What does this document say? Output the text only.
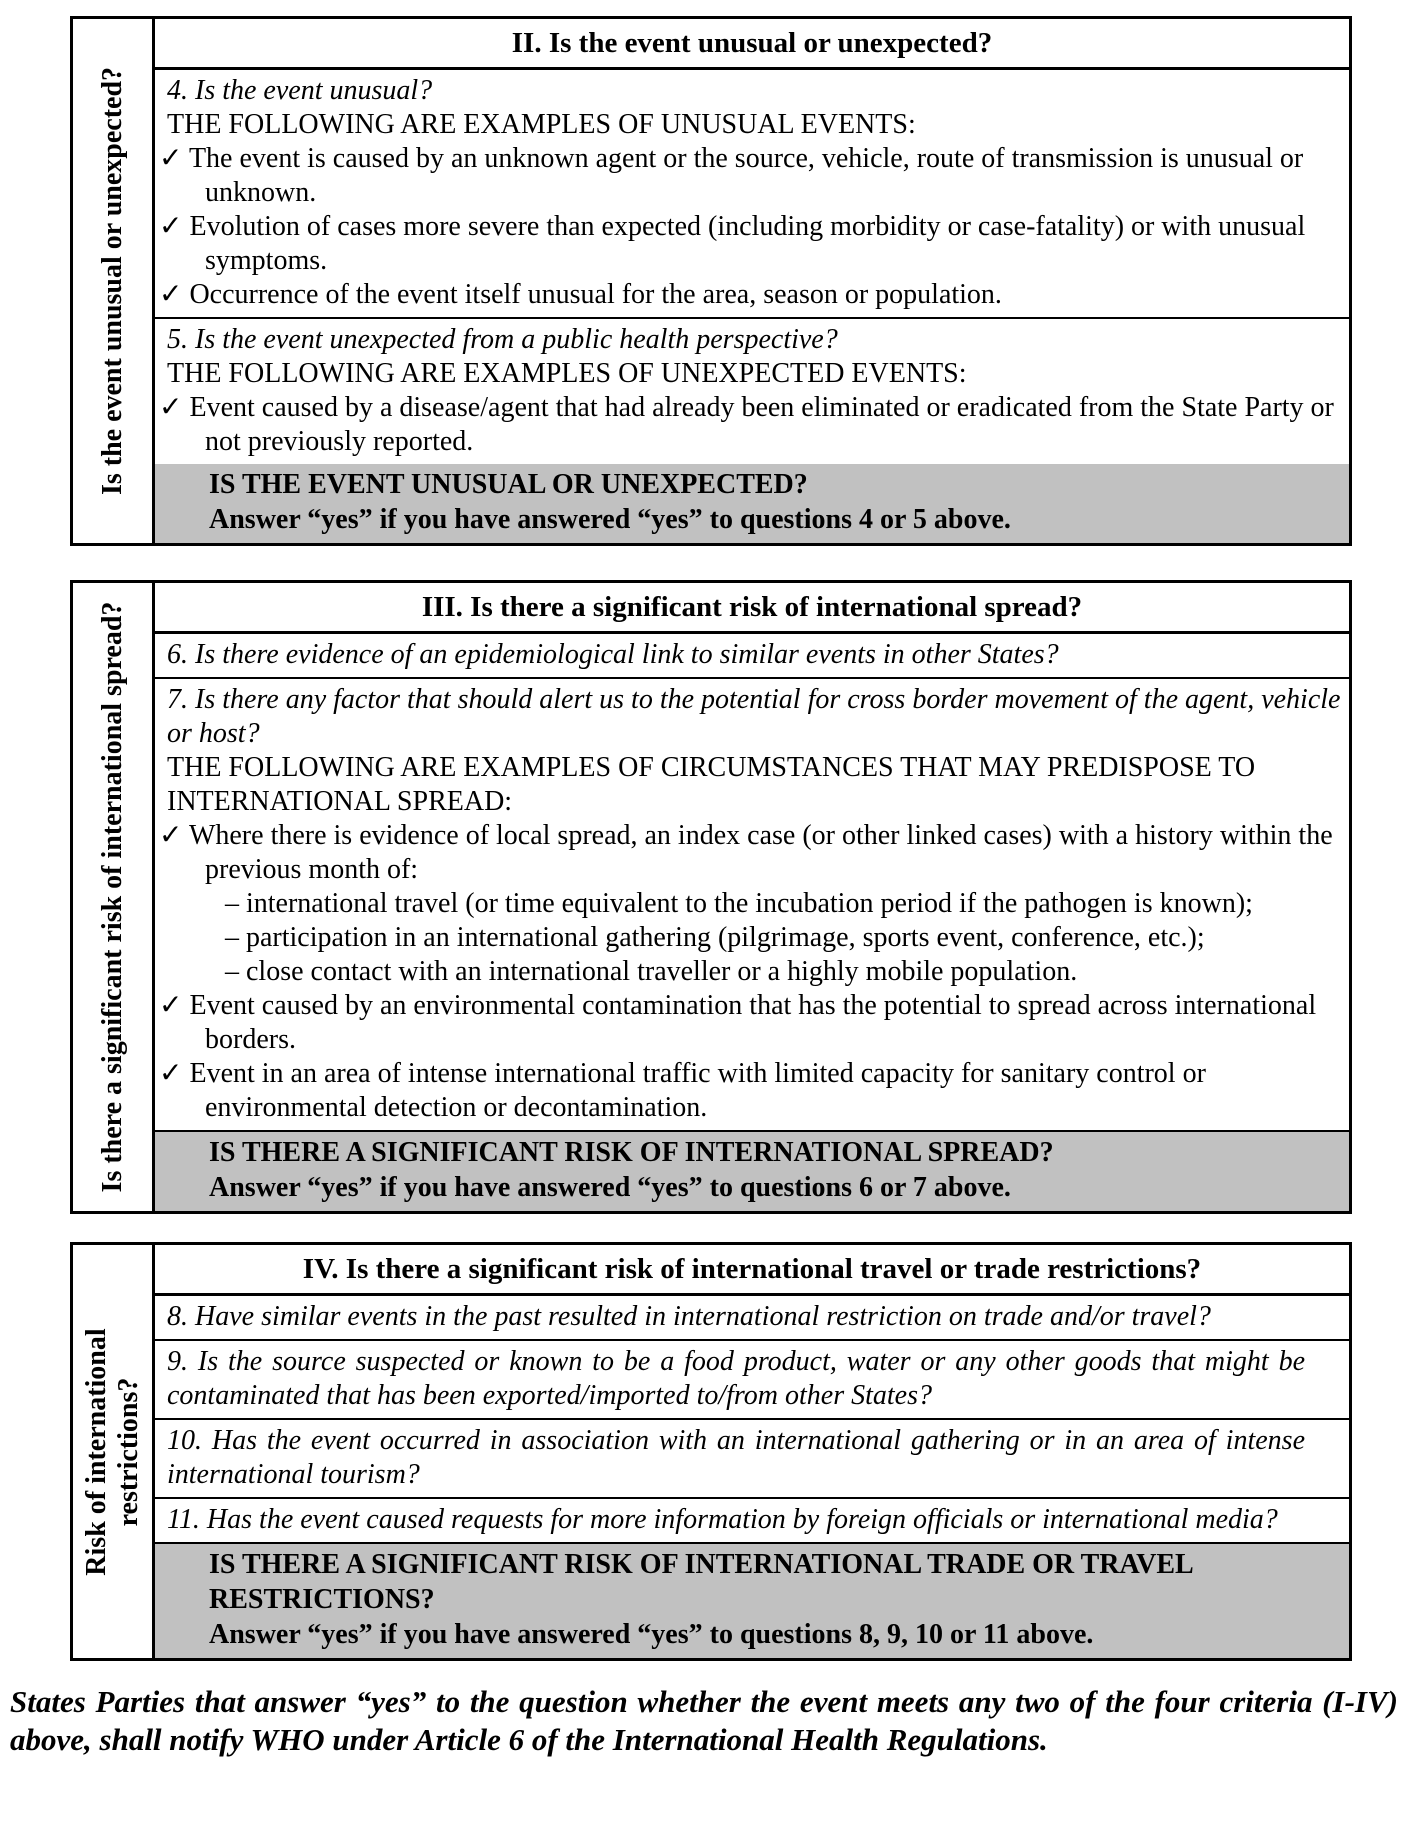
Is the event unusual or unexpected?
II. Is the event unusual or unexpected?
4. Is the event unusual?
THE FOLLOWING ARE EXAMPLES OF UNUSUAL EVENTS:
✓ The event is caused by an unknown agent or the source, vehicle, route of transmission is unusual or unknown.
✓ Evolution of cases more severe than expected (including morbidity or case-fatality) or with unusual symptoms.
✓ Occurrence of the event itself unusual for the area, season or population.
5. Is the event unexpected from a public health perspective?
THE FOLLOWING ARE EXAMPLES OF UNEXPECTED EVENTS:
✓ Event caused by a disease/agent that had already been eliminated or eradicated from the State Party or not previously reported.
IS THE EVENT UNUSUAL OR UNEXPECTED?
Answer “yes” if you have answered “yes” to questions 4 or 5 above.
Is there a significant risk of international spread?	III. Is there a significant risk of international spread?
6. Is there evidence of an epidemiological link to similar events in other States?
7. Is there any factor that should alert us to the potential for cross border movement of the agent, vehicle or host?
THE FOLLOWING ARE EXAMPLES OF CIRCUMSTANCES THAT MAY PREDISPOSE TO INTERNATIONAL SPREAD:
✓ Where there is evidence of local spread, an index case (or other linked cases) with a history within the previous month of:
– international travel (or time equivalent to the incubation period if the pathogen is known);
– participation in an international gathering (pilgrimage, sports event, conference, etc.);
– close contact with an international traveller or a highly mobile population.
✓ Event caused by an environmental contamination that has the potential to spread across international borders.
✓ Event in an area of intense international traffic with limited capacity for sanitary control or environmental detection or decontamination.
IS THERE A SIGNIFICANT RISK OF INTERNATIONAL SPREAD?
Answer “yes” if you have answered “yes” to questions 6 or 7 above.
Risk of international restrictions?
IV. Is there a significant risk of international travel or trade restrictions?
8. Have similar events in the past resulted in international restriction on trade and/or travel?
9. Is the source suspected or known to be a food product, water or any other goods that might be contaminated that has been exported/imported to/from other States?
10. Has the event occurred in association with an international gathering or in an area of intense international tourism?
11. Has the event caused requests for more information by foreign officials or international media?
IS THERE A SIGNIFICANT RISK OF INTERNATIONAL TRADE OR TRAVEL RESTRICTIONS?
Answer “yes” if you have answered “yes” to questions 8, 9, 10 or 11 above.
States Parties that answer “yes” to the question whether the event meets any two of the four criteria (I-IV) above, shall notify WHO under Article 6 of the International Health Regulations.
